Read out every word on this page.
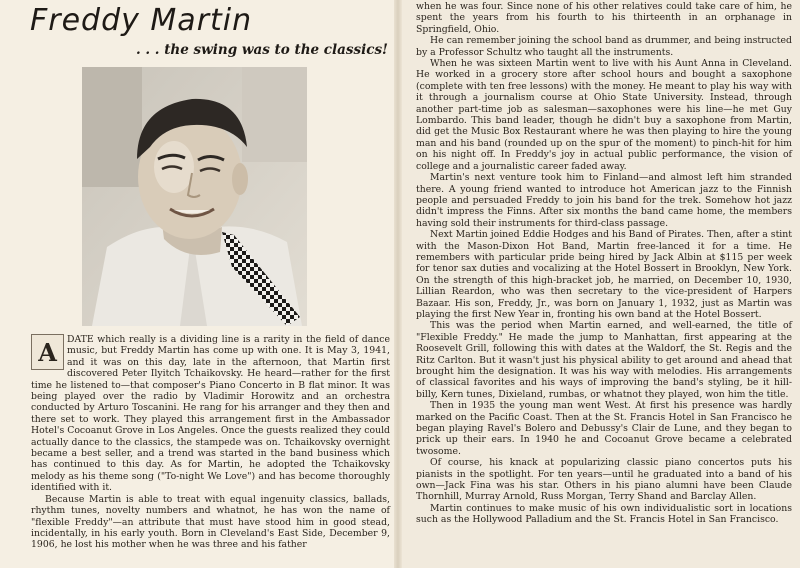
Freddy Martin
. . . the swing was to the classics!
A	DATE which really is a dividing line is a rarity in the field of dance music, but Freddy Martin has come up with one. It is May 3, 1941, and it was on this day, late in the afternoon, that Martin first discovered Peter Ilyitch Tchaikovsky. He heard—rather for the first time he listened to—that composer's Piano Concerto in B flat minor. It was being played over the radio by Vladimir Horowitz and an orchestra conducted by Arturo Toscanini. He rang for his arranger and they then and there set to work. They played this arrangement first in the Ambassador Hotel's Cocoanut Grove in Los Angeles. Once the guests realized they could actually dance to the classics, the stampede was on. Tchaikovsky overnight became a best seller, and a trend was started in the band business which has continued to this day. As for Martin, he adopted the Tchaikovsky melody as his theme song ("To-night We Love") and has become thoroughly identified with it.

Because Martin is able to treat with equal ingenuity classics, ballads, rhythm tunes, novelty numbers and whatnot, he has won the name of "flexible Freddy"—an attribute that must have stood him in good stead, incidentally, in his early youth. Born in Cleveland's East Side, December 9, 1906, he lost his mother when he was three and his father

when he was four. Since none of his other relatives could take care of him, he spent the years from his fourth to his thirteenth in an orphanage in Springfield, Ohio.

He can remember joining the school band as drummer, and being instructed by a Professor Schultz who taught all the instruments.

When he was sixteen Martin went to live with his Aunt Anna in Cleveland. He worked in a grocery store after school hours and bought a saxophone (complete with ten free lessons) with the money. He meant to play his way with it through a journalism course at Ohio State University. Instead, through another part-time job as salesman—saxophones were his line—he met Guy Lombardo. This band leader, though he didn't buy a saxophone from Martin, did get the Music Box Restaurant where he was then playing to hire the young man and his band (rounded up on the spur of the moment) to pinch-hit for him on his night off. In Freddy's joy in actual public performance, the vision of college and a journalistic career faded away.

Martin's next venture took him to Finland—and almost left him stranded there. A young friend wanted to introduce hot American jazz to the Finnish people and persuaded Freddy to join his band for the trek. Somehow hot jazz didn't impress the Finns. After six months the band came home, the members having sold their instruments for third-class passage.

Next Martin joined Eddie Hodges and his Band of Pirates. Then, after a stint with the Mason-Dixon Hot Band, Martin free-lanced it for a time. He remembers with particular pride being hired by Jack Albin at $115 per week for tenor sax duties and vocalizing at the Hotel Bossert in Brooklyn, New York. On the strength of this high-bracket job, he married, on December 10, 1930, Lillian Reardon, who was then secretary to the vice-president of Harpers Bazaar. His son, Freddy, Jr., was born on January 1, 1932, just as Martin was playing the first New Year in, fronting his own band at the Hotel Bossert.

This was the period when Martin earned, and well-earned, the title of "Flexible Freddy." He made the jump to Manhattan, first appearing at the Roosevelt Grill, following this with dates at the Waldorf, the St. Regis and the Ritz Carlton. But it wasn't just his physical ability to get around and ahead that brought him the designation. It was his way with melodies. His arrangements of classical favorites and his ways of improving the band's styling, be it hill-billy, Kern tunes, Dixieland, rumbas, or whatnot they played, won him the title.

Then in 1935 the young man went West. At first his presence was hardly marked on the Pacific Coast. Then at the St. Francis Hotel in San Francisco he began playing Ravel's Bolero and Debussy's Clair de Lune, and they began to prick up their ears. In 1940 he and Cocoanut Grove became a celebrated twosome.

Of course, his knack at popularizing classic piano concertos puts his pianists in the spotlight. For ten years—until he graduated into a band of his own—Jack Fina was his star. Others in his piano alumni have been Claude Thornhill, Murray Arnold, Russ Morgan, Terry Shand and Barclay Allen.

Martin continues to make music of his own individualistic sort in locations such as the Hollywood Palladium and the St. Francis Hotel in San Francisco.
